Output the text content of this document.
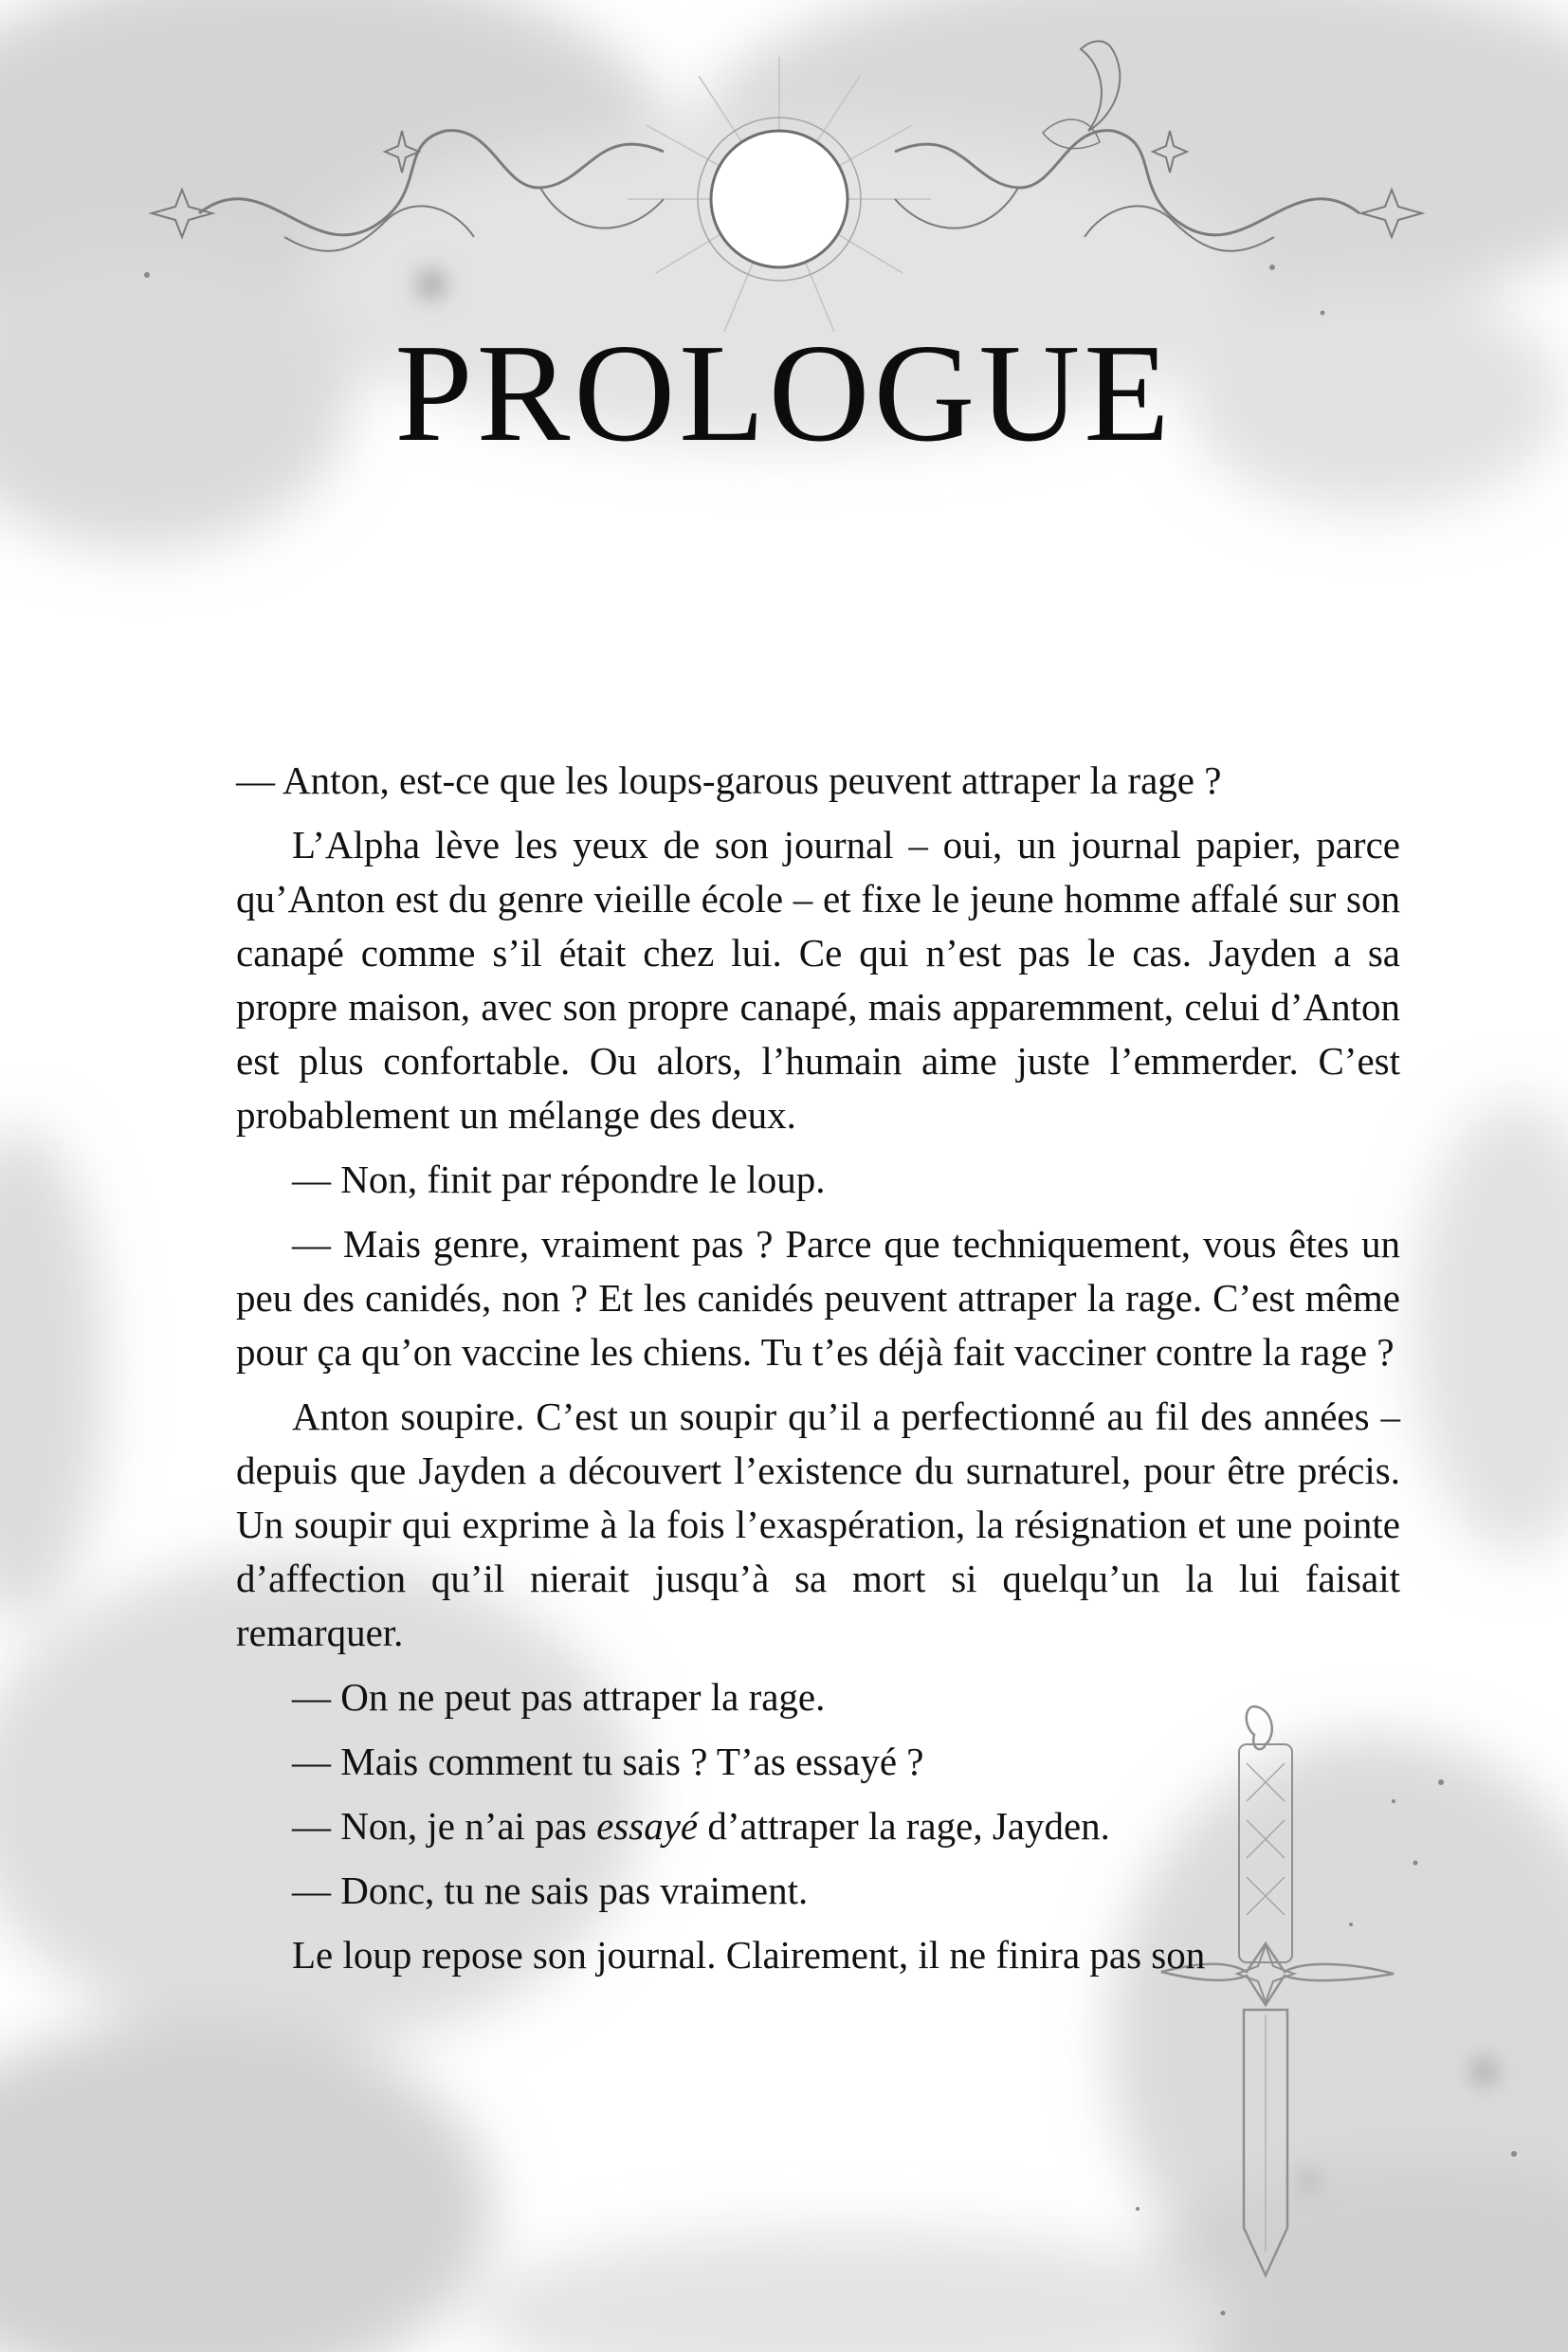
PROLOGUE

— Anton, est-ce que les loups-garous peuvent attraper la rage ?

L’Alpha lève les yeux de son journal – oui, un journal papier, parce qu’Anton est du genre vieille école – et fixe le jeune homme affalé sur son canapé comme s’il était chez lui. Ce qui n’est pas le cas. Jayden a sa propre maison, avec son propre canapé, mais apparemment, celui d’Anton est plus confortable. Ou alors, l’humain aime juste l’emmerder. C’est probablement un mélange des deux.

— Non, finit par répondre le loup.

— Mais genre, vraiment pas ? Parce que techniquement, vous êtes un peu des canidés, non ? Et les canidés peuvent attraper la rage. C’est même pour ça qu’on vaccine les chiens. Tu t’es déjà fait vacciner contre la rage ?

Anton soupire. C’est un soupir qu’il a perfectionné au fil des années – depuis que Jayden a découvert l’existence du surnaturel, pour être précis. Un soupir qui exprime à la fois l’exaspération, la résignation et une pointe d’affection qu’il nierait jusqu’à sa mort si quelqu’un la lui faisait remarquer.

— On ne peut pas attraper la rage.

— Mais comment tu sais ? T’as essayé ?

— Non, je n’ai pas essayé d’attraper la rage, Jayden.

— Donc, tu ne sais pas vraiment.

Le loup repose son journal. Clairement, il ne finira pas son
